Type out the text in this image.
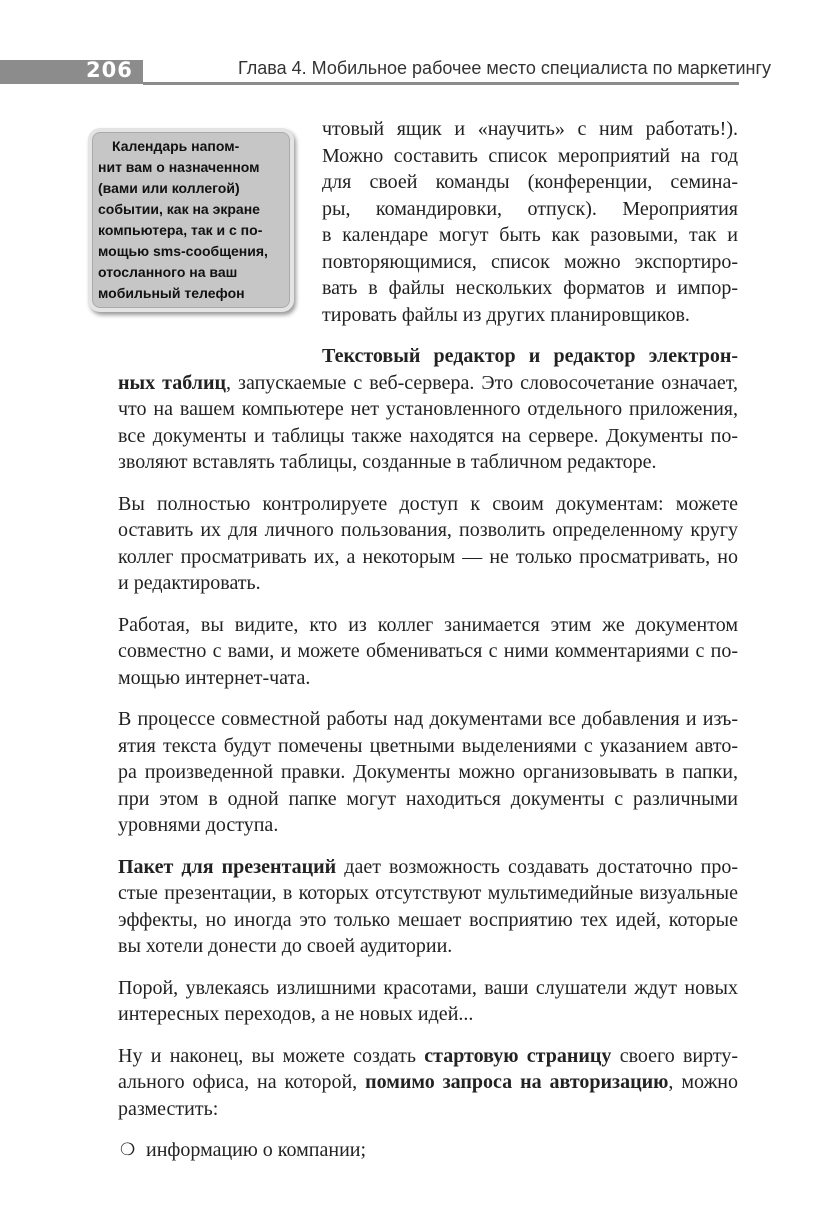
206	Глава 4. Мобильное рабочее место специалиста по маркетингу
Календарь напом-
нит вам о назначенном
(вами или коллегой)
событии, как на экране
компьютера, так и с по-
мощью sms-сообщения,
отосланного на ваш
мобильный телефон
чтовый ящик и «научить» с ним работать!).
Можно составить список мероприятий на год
для своей команды (конференции, семина-
ры, командировки, отпуск). Мероприятия
в календаре могут быть как разовыми, так и
повторяющимися, список можно экспортиро-
вать в файлы нескольких форматов и импор-
тировать файлы из других планировщиков.
Текстовый редактор и редактор электрон-
ных таблиц, запускаемые с веб-сервера. Это словосочетание означает,
что на вашем компьютере нет установленного отдельного приложения,
все документы и таблицы также находятся на сервере. Документы по-
зволяют вставлять таблицы, созданные в табличном редакторе.
Вы полностью контролируете доступ к своим документам: можете
оставить их для личного пользования, позволить определенному кругу
коллег просматривать их, а некоторым — не только просматривать, но
и редактировать.
Работая, вы видите, кто из коллег занимается этим же документом
совместно с вами, и можете обмениваться с ними комментариями с по-
мощью интернет-чата.
В процессе совместной работы над документами все добавления и изъ-
ятия текста будут помечены цветными выделениями с указанием авто-
ра произведенной правки. Документы можно организовывать в папки,
при этом в одной папке могут находиться документы с различными
уровнями доступа.
Пакет для презентаций дает возможность создавать достаточно про-
стые презентации, в которых отсутствуют мультимедийные визуальные
эффекты, но иногда это только мешает восприятию тех идей, которые
вы хотели донести до своей аудитории.
Порой, увлекаясь излишними красотами, ваши слушатели ждут новых
интересных переходов, а не новых идей...
Ну и наконец, вы можете создать стартовую страницу своего вирту-
ального офиса, на которой, помимо запроса на авторизацию, можно
разместить:
❍ информацию о компании;
